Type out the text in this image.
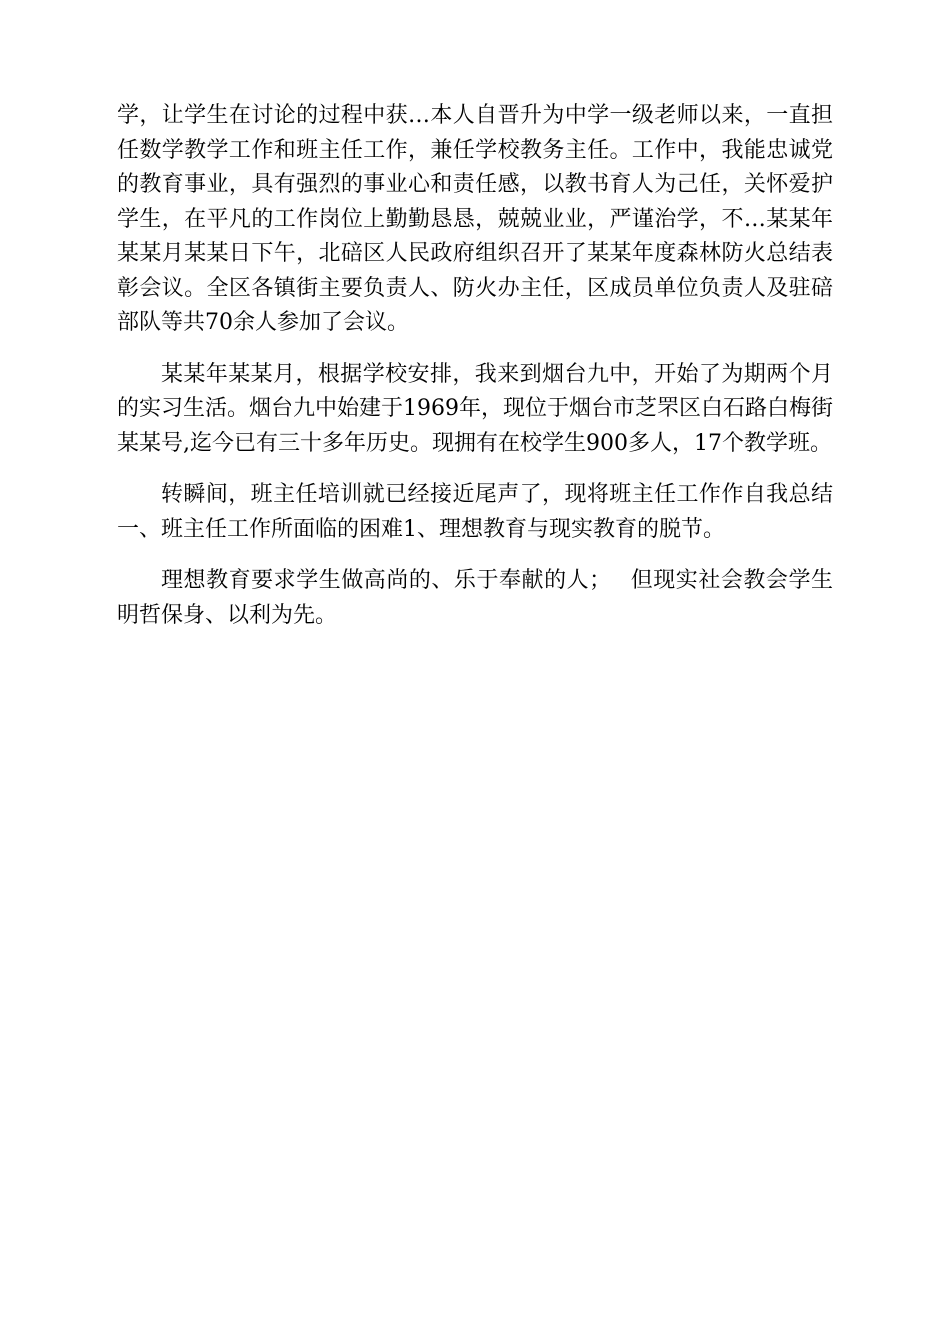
学，让学生在讨论的过程中获…本人自晋升为中学一级老师以来，一直担任数学教学工作和班主任工作，兼任学校教务主任。工作中，我能忠诚党的教育事业，具有强烈的事业心和责任感，以教书育人为己任，关怀爱护学生，在平凡的工作岗位上勤勤恳恳，兢兢业业，严谨治学，不…某某年某某月某某日下午，北碚区人民政府组织召开了某某年度森林防火总结表彰会议。全区各镇街主要负责人、防火办主任，区成员单位负责人及驻碚部队等共70余人参加了会议。

某某年某某月，根据学校安排，我来到烟台九中，开始了为期两个月的实习生活。烟台九中始建于1969年，现位于烟台市芝罘区白石路白梅街某某号,迄今已有三十多年历史。现拥有在校学生900多人，17个教学班。

转瞬间，班主任培训就已经接近尾声了，现将班主任工作作自我总结一、班主任工作所面临的困难1、理想教育与现实教育的脱节。

理想教育要求学生做高尚的、乐于奉献的人；　 但现实社会教会学生明哲保身、以利为先。
